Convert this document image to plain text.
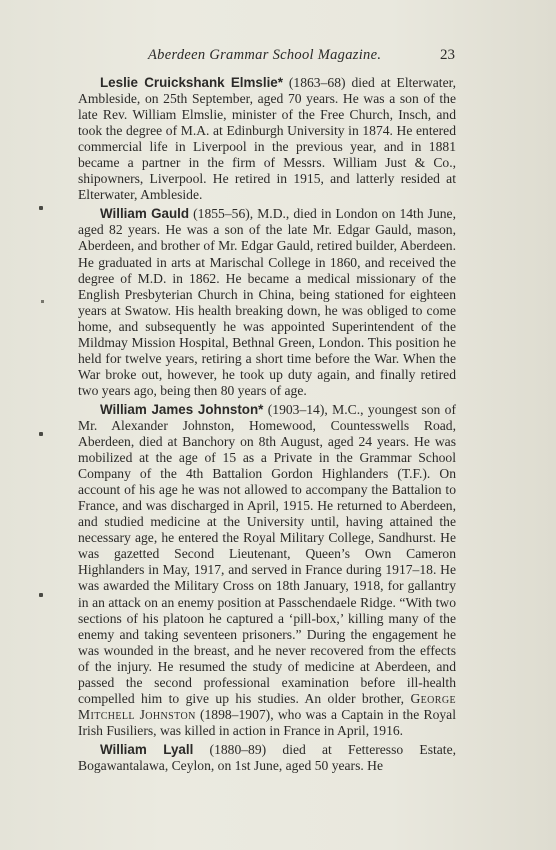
Aberdeen Grammar School Magazine.	23

Leslie Cruickshank Elmslie* (1863–68) died at Elterwater, Ambleside, on 25th September, aged 70 years. He was a son of the late Rev. William Elmslie, minister of the Free Church, Insch, and took the degree of M.A. at Edinburgh University in 1874. He entered commercial life in Liverpool in the previous year, and in 1881 became a partner in the firm of Messrs. William Just & Co., shipowners, Liverpool. He retired in 1915, and latterly resided at Elterwater, Ambleside.

William Gauld (1855–56), M.D., died in London on 14th June, aged 82 years. He was a son of the late Mr. Edgar Gauld, mason, Aberdeen, and brother of Mr. Edgar Gauld, retired builder, Aberdeen. He graduated in arts at Marischal College in 1860, and received the degree of M.D. in 1862. He became a medical missionary of the English Presbyterian Church in China, being stationed for eighteen years at Swatow. His health breaking down, he was obliged to come home, and subsequently he was appointed Superintendent of the Mildmay Mission Hospital, Bethnal Green, London. This position he held for twelve years, retiring a short time before the War. When the War broke out, however, he took up duty again, and finally retired two years ago, being then 80 years of age.

William James Johnston* (1903–14), M.C., youngest son of Mr. Alexander Johnston, Homewood, Countesswells Road, Aberdeen, died at Banchory on 8th August, aged 24 years. He was mobilized at the age of 15 as a Private in the Grammar School Company of the 4th Battalion Gordon Highlanders (T.F.). On account of his age he was not allowed to accompany the Battalion to France, and was discharged in April, 1915. He returned to Aberdeen, and studied medicine at the University until, having attained the necessary age, he entered the Royal Military College, Sandhurst. He was gazetted Second Lieutenant, Queen’s Own Cameron Highlanders in May, 1917, and served in France during 1917–18. He was awarded the Military Cross on 18th January, 1918, for gallantry in an attack on an enemy position at Passchendaele Ridge. “With two sections of his platoon he captured a ‘pill-box,’ killing many of the enemy and taking seventeen prisoners.” During the engagement he was wounded in the breast, and he never recovered from the effects of the injury. He resumed the study of medicine at Aberdeen, and passed the second professional examination before ill-health compelled him to give up his studies. An older brother, George Mitchell Johnston (1898–1907), who was a Captain in the Royal Irish Fusiliers, was killed in action in France in April, 1916.

William Lyall (1880–89) died at Fetteresso Estate, Bogawantalawa, Ceylon, on 1st June, aged 50 years. He
